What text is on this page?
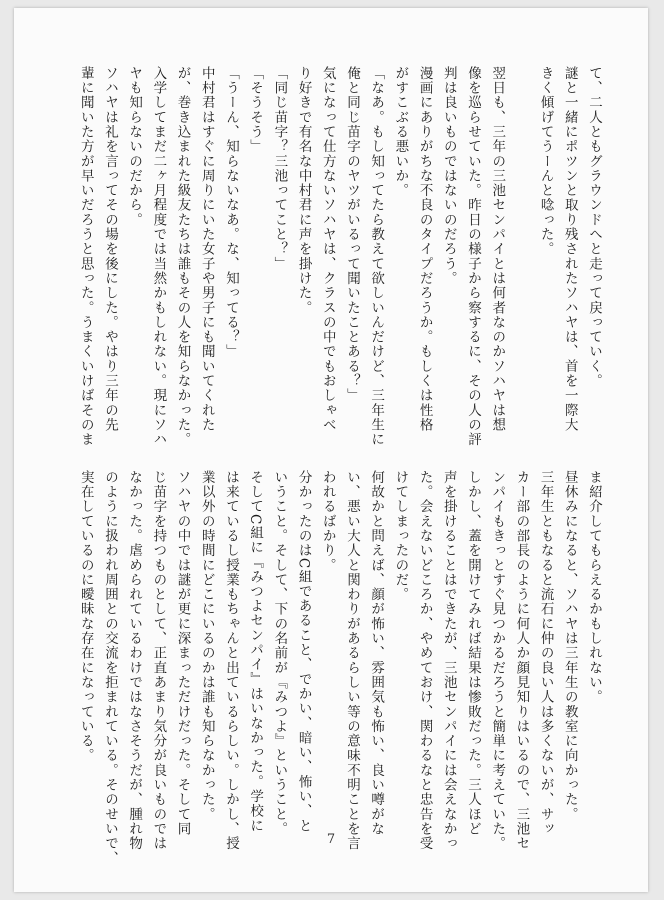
て、二人ともグラウンドへと走って戻っていく。

謎と一緒にポツンと取り残されたソハヤは、首を一際大

きく傾げてうーんと唸った。

翌日も、三年の三池センパイとは何者なのかソハヤは想

像を巡らせていた。昨日の様子から察するに、その人の評

判は良いものではないのだろう。

漫画にありがちな不良のタイプだろうか。もしくは性格

がすこぶる悪いか。

「なあ。もし知ってたら教えて欲しいんだけど、三年生に

俺と同じ苗字のヤツがいるって聞いたことある？」

気になって仕方ないソハヤは、クラスの中でもおしゃべ

り好きで有名な中村君に声を掛けた。

「同じ苗字？三池ってこと？」

「そうそう」

「うーん、知らないなあ。な、知ってる？」

中村君はすぐに周りにいた女子や男子にも聞いてくれた

が、巻き込まれた級友たちは誰もその人を知らなかった。

入学してまだ二ヶ月程度では当然かもしれない。現にソハ

ヤも知らないのだから。

ソハヤは礼を言ってその場を後にした。やはり三年の先

輩に聞いた方が早いだろうと思った。うまくいけばそのま

ま紹介してもらえるかもしれない。

昼休みになると、ソハヤは三年生の教室に向かった。

三年生ともなると流石に仲の良い人は多くないが、サッ

カー部の部長のように何人か顔見知りはいるので、三池セ

ンパイもきっとすぐ見つかるだろうと簡単に考えていた。

しかし、蓋を開けてみれば結果は惨敗だった。三人ほど

声を掛けることはできたが、三池センパイには会えなかっ

た。会えないどころか、やめておけ、関わるなと忠告を受

けてしまったのだ。

何故かと問えば、顔が怖い、雰囲気も怖い、良い噂がな

い、悪い大人と関わりがあるらしい等の意味不明ことを言

われるばかり。

分かったのはC組であること、でかい、暗い、怖い、と

いうこと。そして、下の名前が『みつよ』ということ。

そしてC組に『みつよセンパイ』はいなかった。学校に

は来ているし授業もちゃんと出ているらしい。しかし、授

業以外の時間にどこにいるのかは誰も知らなかった。

ソハヤの中では謎が更に深まっただけだった。そして同

じ苗字を持つものとして、正直あまり気分が良いものでは

なかった。虐められているわけではなさそうだが、腫れ物

のように扱われ周囲との交流を拒まれている。そのせいで、

実在しているのに曖昧な存在になっている。

7
